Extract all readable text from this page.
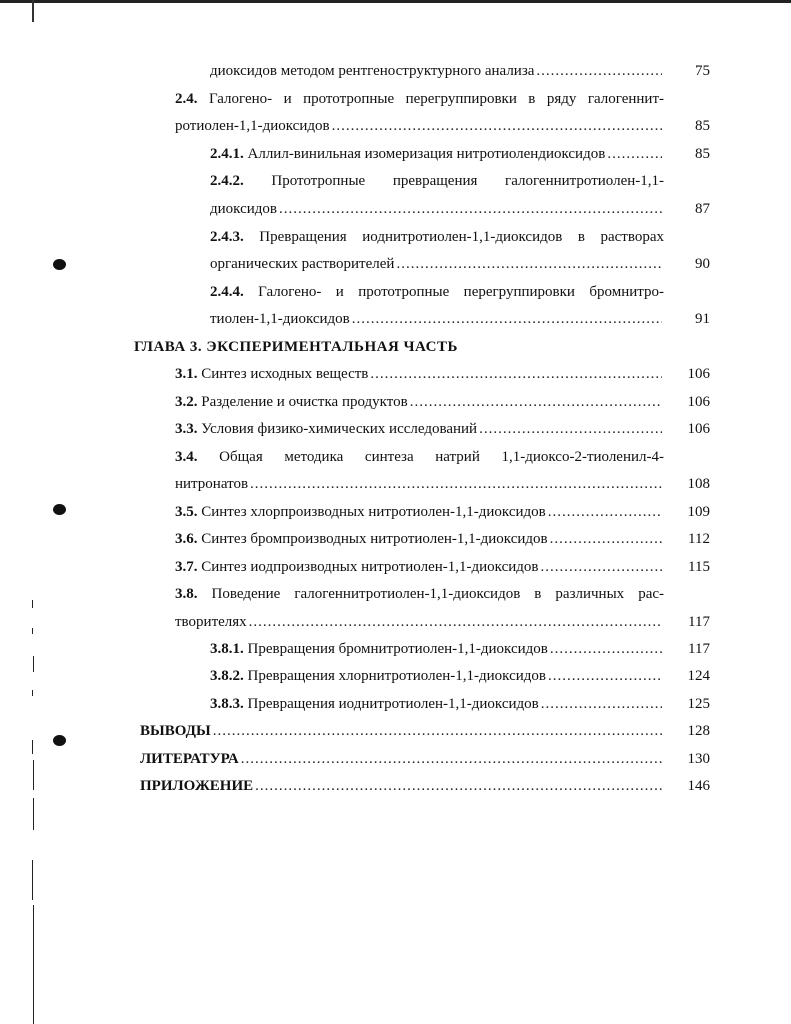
диоксидов методом рентгеноструктурного анализа .....	75
2.4. Галогено- и прототропные перегруппировки в ряду галогеннит-
ротиолен-1,1-диоксидов .....	85
2.4.1. Аллил-винильная изомеризация нитротиолендиоксидов .....	85
2.4.2. Прототропные превращения галогеннитротиолен-1,1-
диоксидов .....	87
2.4.3. Превращения иоднитротиолен-1,1-диоксидов в растворах
органических растворителей .....	90
2.4.4. Галогено- и прототропные перегруппировки бромнитро-
тиолен-1,1-диоксидов .....	91
ГЛАВА 3. ЭКСПЕРИМЕНТАЛЬНАЯ ЧАСТЬ
3.1. Синтез исходных веществ .....	106
3.2. Разделение и очистка продуктов .....	106
3.3. Условия физико-химических исследований .....	106
3.4. Общая методика синтеза натрий 1,1-диоксо-2-тиоленил-4-
нитронатов .....	108
3.5. Синтез хлорпроизводных нитротиолен-1,1-диоксидов .....	109
3.6. Синтез бромпроизводных нитротиолен-1,1-диоксидов .....	112
3.7. Синтез иодпроизводных нитротиолен-1,1-диоксидов .....	115
3.8. Поведение галогеннитротиолен-1,1-диоксидов в различных рас-
творителях .....	117
3.8.1. Превращения бромнитротиолен-1,1-диоксидов .....	117
3.8.2. Превращения хлорнитротиолен-1,1-диоксидов .....	124
3.8.3. Превращения иоднитротиолен-1,1-диоксидов .....	125
ВЫВОДЫ .....	128
ЛИТЕРАТУРА .....	130
ПРИЛОЖЕНИЕ .....	146
